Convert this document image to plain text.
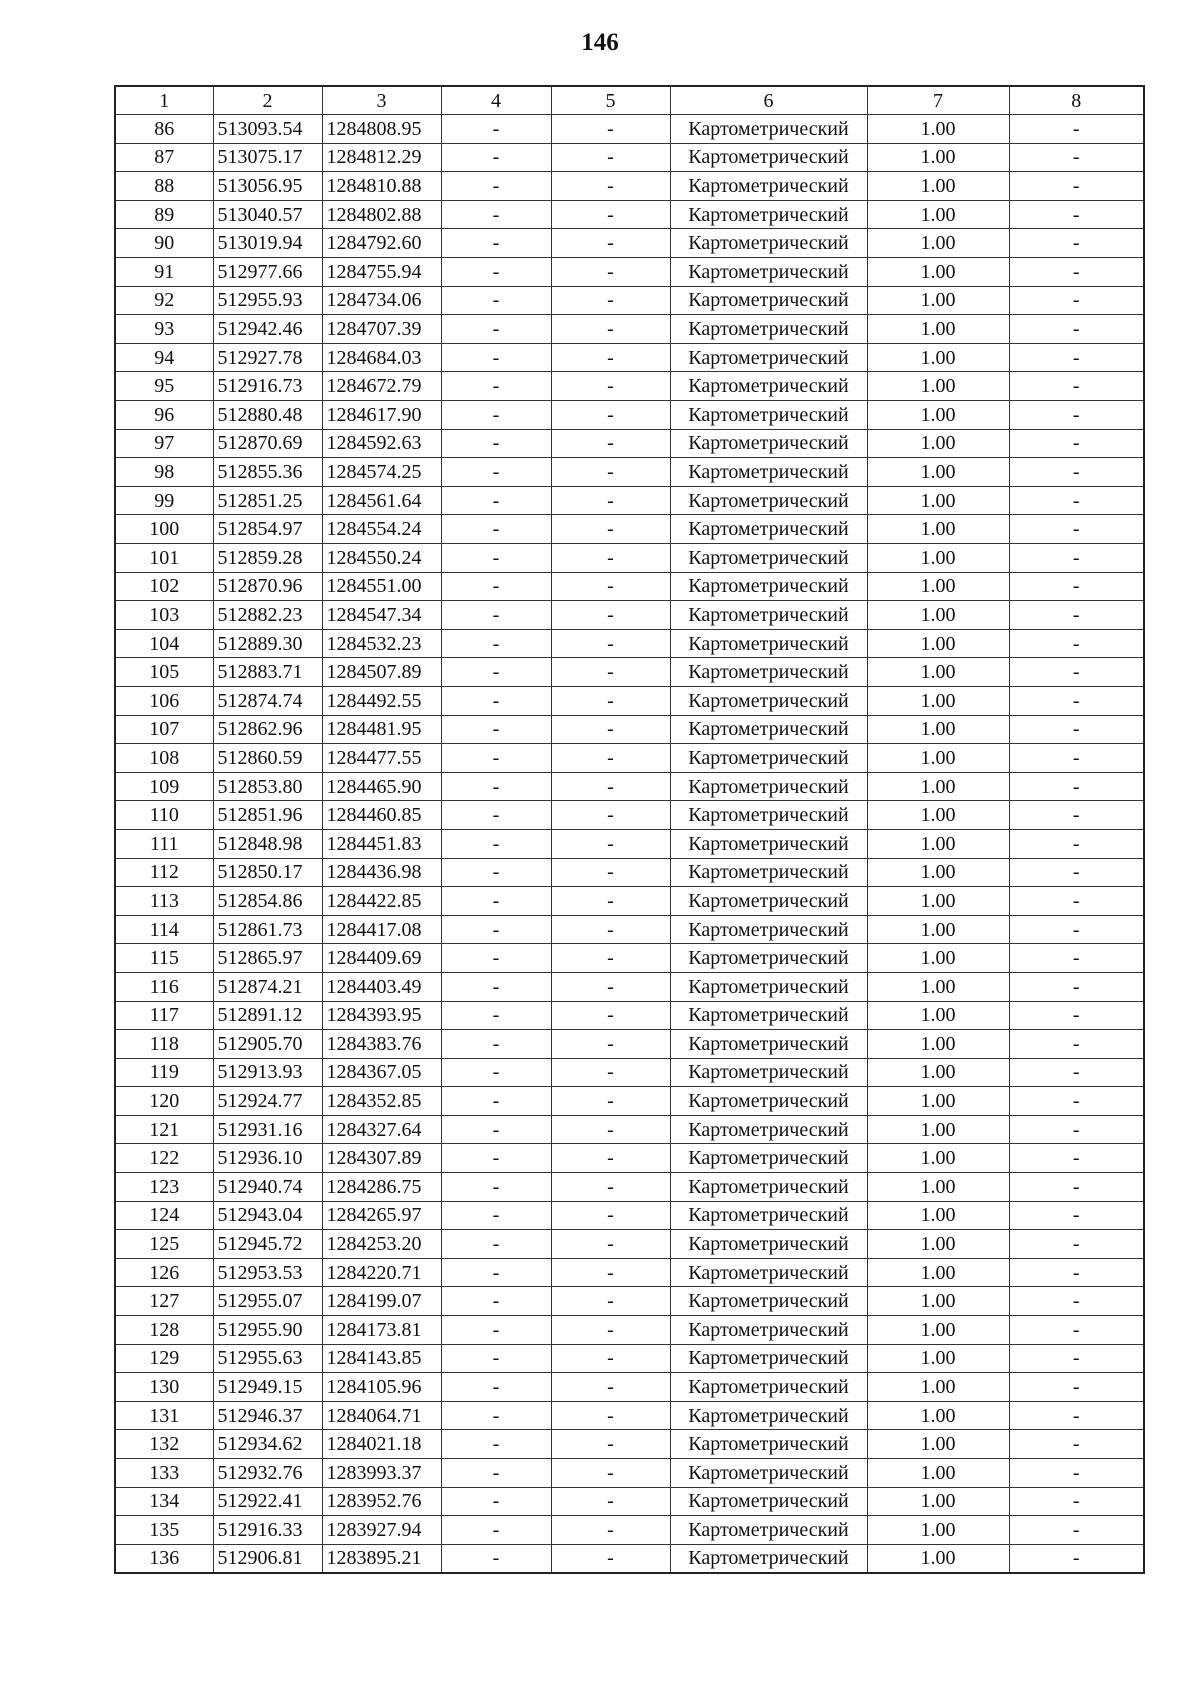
146
1	2	3	4	5	6	7	8
86	513093.54	1284808.95	-	-	Картометрический	1.00	-
87	513075.17	1284812.29	-	-	Картометрический	1.00	-
88	513056.95	1284810.88	-	-	Картометрический	1.00	-
89	513040.57	1284802.88	-	-	Картометрический	1.00	-
90	513019.94	1284792.60	-	-	Картометрический	1.00	-
91	512977.66	1284755.94	-	-	Картометрический	1.00	-
92	512955.93	1284734.06	-	-	Картометрический	1.00	-
93	512942.46	1284707.39	-	-	Картометрический	1.00	-
94	512927.78	1284684.03	-	-	Картометрический	1.00	-
95	512916.73	1284672.79	-	-	Картометрический	1.00	-
96	512880.48	1284617.90	-	-	Картометрический	1.00	-
97	512870.69	1284592.63	-	-	Картометрический	1.00	-
98	512855.36	1284574.25	-	-	Картометрический	1.00	-
99	512851.25	1284561.64	-	-	Картометрический	1.00	-
100	512854.97	1284554.24	-	-	Картометрический	1.00	-
101	512859.28	1284550.24	-	-	Картометрический	1.00	-
102	512870.96	1284551.00	-	-	Картометрический	1.00	-
103	512882.23	1284547.34	-	-	Картометрический	1.00	-
104	512889.30	1284532.23	-	-	Картометрический	1.00	-
105	512883.71	1284507.89	-	-	Картометрический	1.00	-
106	512874.74	1284492.55	-	-	Картометрический	1.00	-
107	512862.96	1284481.95	-	-	Картометрический	1.00	-
108	512860.59	1284477.55	-	-	Картометрический	1.00	-
109	512853.80	1284465.90	-	-	Картометрический	1.00	-
110	512851.96	1284460.85	-	-	Картометрический	1.00	-
111	512848.98	1284451.83	-	-	Картометрический	1.00	-
112	512850.17	1284436.98	-	-	Картометрический	1.00	-
113	512854.86	1284422.85	-	-	Картометрический	1.00	-
114	512861.73	1284417.08	-	-	Картометрический	1.00	-
115	512865.97	1284409.69	-	-	Картометрический	1.00	-
116	512874.21	1284403.49	-	-	Картометрический	1.00	-
117	512891.12	1284393.95	-	-	Картометрический	1.00	-
118	512905.70	1284383.76	-	-	Картометрический	1.00	-
119	512913.93	1284367.05	-	-	Картометрический	1.00	-
120	512924.77	1284352.85	-	-	Картометрический	1.00	-
121	512931.16	1284327.64	-	-	Картометрический	1.00	-
122	512936.10	1284307.89	-	-	Картометрический	1.00	-
123	512940.74	1284286.75	-	-	Картометрический	1.00	-
124	512943.04	1284265.97	-	-	Картометрический	1.00	-
125	512945.72	1284253.20	-	-	Картометрический	1.00	-
126	512953.53	1284220.71	-	-	Картометрический	1.00	-
127	512955.07	1284199.07	-	-	Картометрический	1.00	-
128	512955.90	1284173.81	-	-	Картометрический	1.00	-
129	512955.63	1284143.85	-	-	Картометрический	1.00	-
130	512949.15	1284105.96	-	-	Картометрический	1.00	-
131	512946.37	1284064.71	-	-	Картометрический	1.00	-
132	512934.62	1284021.18	-	-	Картометрический	1.00	-
133	512932.76	1283993.37	-	-	Картометрический	1.00	-
134	512922.41	1283952.76	-	-	Картометрический	1.00	-
135	512916.33	1283927.94	-	-	Картометрический	1.00	-
136	512906.81	1283895.21	-	-	Картометрический	1.00	-
